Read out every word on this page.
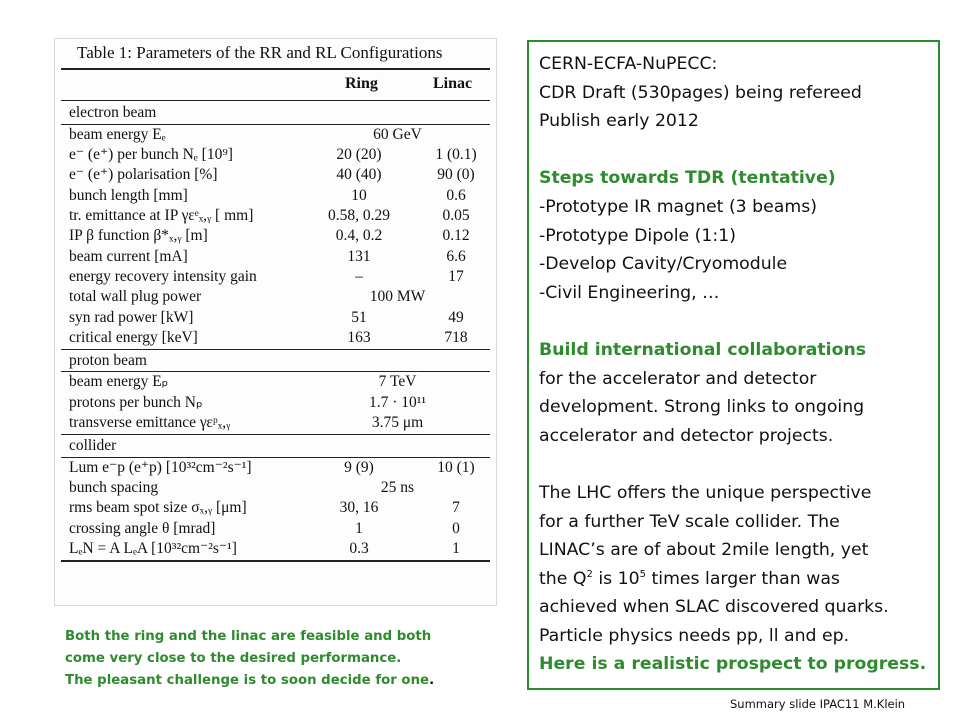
Table 1: Parameters of the RR and RL Configurations
Ring	Linac
electron beam
beam energy Eₑ	60 GeV
e⁻ (e⁺) per bunch Nₑ [10⁹]	20 (20)	1 (0.1)
e⁻ (e⁺) polarisation [%]	40 (40)	90 (0)
bunch length [mm]	10	0.6
tr. emittance at IP γεᵉₓ,ᵧ [ mm]	0.58, 0.29	0.05
IP β function β*ₓ,ᵧ [m]	0.4, 0.2	0.12
beam current [mA]	131	6.6
energy recovery intensity gain	–	17
total wall plug power	100 MW
syn rad power [kW]	51	49
critical energy [keV]	163	718
proton beam
beam energy Eₚ	7 TeV
protons per bunch Nₚ	1.7 · 10¹¹
transverse emittance γεᵖₓ,ᵧ	3.75 μm
collider
Lum e⁻p (e⁺p) [10³²cm⁻²s⁻¹]	9 (9)	10 (1)
bunch spacing	25 ns
rms beam spot size σₓ,ᵧ [μm]	30, 16	7
crossing angle θ [mrad]	1	0
LₑN = A LₑA [10³²cm⁻²s⁻¹]	0.3	1
CERN-ECFA-NuPECC:
CDR Draft (530pages) being refereed
Publish early 2012
Steps towards TDR (tentative)
-Prototype IR magnet (3 beams)
-Prototype Dipole (1:1)
-Develop Cavity/Cryomodule
-Civil Engineering, …
Build international collaborations
for the accelerator and detector
development. Strong links to ongoing
accelerator and detector projects.
The LHC offers the unique perspective
for a further TeV scale collider. The
LINAC’s are of about 2mile length, yet
the $Q^2$ is $10^5$ times larger than was
achieved when SLAC discovered quarks.
Particle physics needs pp, ll and ep.
Here is a realistic prospect to progress.
Both the ring and the linac are feasible and both
come very close to the desired performance.
The pleasant challenge is to soon decide for one.
Summary slide IPAC11 M.Klein
